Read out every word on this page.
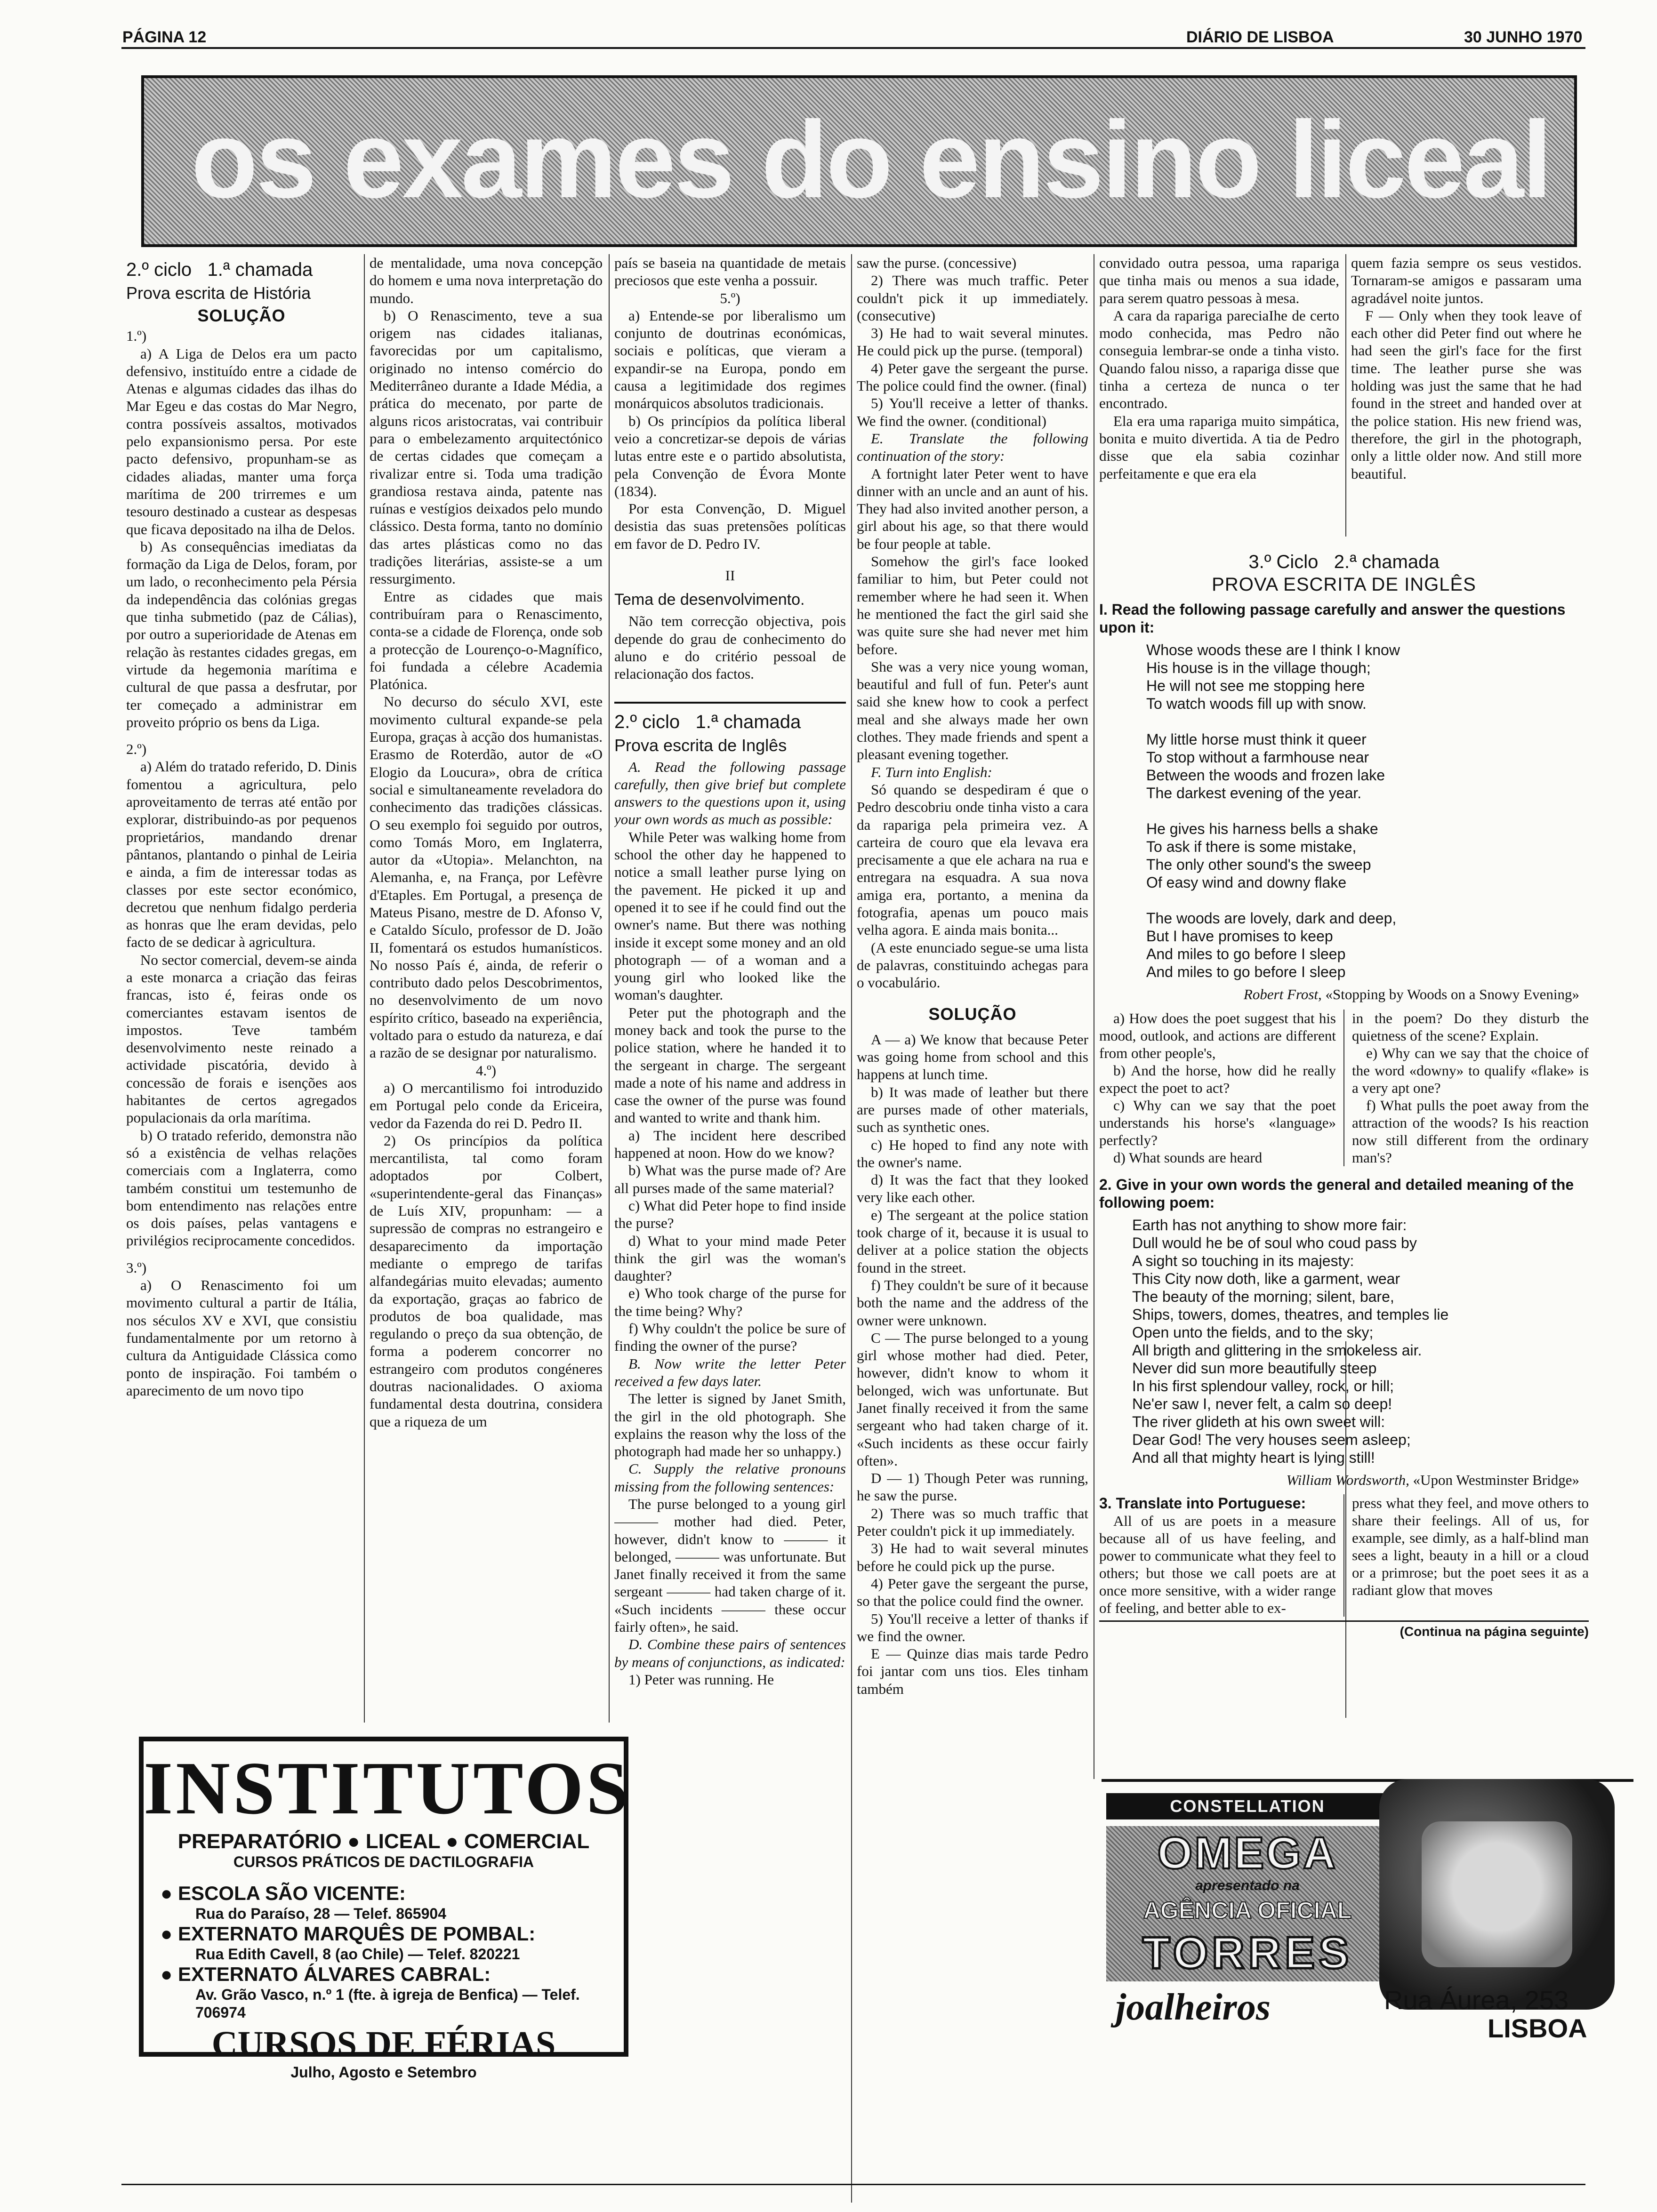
PÁGINA 12	DIÁRIO DE LISBOA	30 JUNHO 1970
os exames do ensino liceal
2.º ciclo 1.ª chamada
Prova escrita de História
SOLUÇÃO

1.º)

a) A Liga de Delos era um pacto defensivo, instituído entre a cidade de Atenas e algumas cidades das ilhas do Mar Egeu e das costas do Mar Negro, contra possíveis assaltos, motivados pelo expansionismo persa. Por este pacto defensivo, propunham-se as cidades aliadas, manter uma força marítima de 200 trirremes e um tesouro destinado a custear as despesas que ficava depositado na ilha de Delos.

b) As consequências imediatas da formação da Liga de Delos, foram, por um lado, o reconhecimento pela Pérsia da independência das colónias gregas que tinha submetido (paz de Cálias), por outro a superioridade de Atenas em relação às restantes cidades gregas, em virtude da hegemonia marítima e cultural de que passa a desfrutar, por ter começado a administrar em proveito próprio os bens da Liga.

2.º)

a) Além do tratado referido, D. Dinis fomentou a agricultura, pelo aproveitamento de terras até então por explorar, distribuindo-as por pequenos proprietários, mandando drenar pântanos, plantando o pinhal de Leiria e ainda, a fim de interessar todas as classes por este sector económico, decretou que nenhum fidalgo perderia as honras que lhe eram devidas, pelo facto de se dedicar à agricultura.

No sector comercial, devem-se ainda a este monarca a criação das feiras francas, isto é, feiras onde os comerciantes estavam isentos de impostos. Teve também desenvolvimento neste reinado a actividade piscatória, devido à concessão de forais e isenções aos habitantes de certos agregados populacionais da orla marítima.

b) O tratado referido, demonstra não só a existência de velhas relações comerciais com a Inglaterra, como também constitui um testemunho de bom entendimento nas relações entre os dois países, pelas vantagens e privilégios reciprocamente concedidos.

3.º)

a) O Renascimento foi um movimento cultural a partir de Itália, nos séculos XV e XVI, que consistiu fundamentalmente por um retorno à cultura da Antiguidade Clássica como ponto de inspiração. Foi também o aparecimento de um novo tipo

de mentalidade, uma nova concepção do homem e uma nova interpretação do mundo.

b) O Renascimento, teve a sua origem nas cidades italianas, favorecidas por um capitalismo, originado no intenso comércio do Mediterrâneo durante a Idade Média, a prática do mecenato, por parte de alguns ricos aristocratas, vai contribuir para o embelezamento arquitectónico de certas cidades que começam a rivalizar entre si. Toda uma tradição grandiosa restava ainda, patente nas ruínas e vestígios deixados pelo mundo clássico. Desta forma, tanto no domínio das artes plásticas como no das tradições literárias, assiste-se a um ressurgimento.

Entre as cidades que mais contribuíram para o Renascimento, conta-se a cidade de Florença, onde sob a protecção de Lourenço-o-Magnífico, foi fundada a célebre Academia Platónica.

No decurso do século XVI, este movimento cultural expande-se pela Europa, graças à acção dos humanistas. Erasmo de Roterdão, autor de «O Elogio da Loucura», obra de crítica social e simultaneamente reveladora do conhecimento das tradições clássicas. O seu exemplo foi seguido por outros, como Tomás Moro, em Inglaterra, autor da «Utopia». Melanchton, na Alemanha, e, na França, por Lefèvre d'Etaples. Em Portugal, a presença de Mateus Pisano, mestre de D. Afonso V, e Cataldo Sículo, professor de D. João II, fomentará os estudos humanísticos. No nosso País é, ainda, de referir o contributo dado pelos Descobrimentos, no desenvolvimento de um novo espírito crítico, baseado na experiência, voltado para o estudo da natureza, e daí a razão de se designar por naturalismo.

4.º)

a) O mercantilismo foi introduzido em Portugal pelo conde da Ericeira, vedor da Fazenda do rei D. Pedro II.

2) Os princípios da política mercantilista, tal como foram adoptados por Colbert, «superintendente-geral das Finanças» de Luís XIV, propunham: — a supressão de compras no estrangeiro e desaparecimento da importação mediante o emprego de tarifas alfandegárias muito elevadas; aumento da exportação, graças ao fabrico de produtos de boa qualidade, mas regulando o preço da sua obtenção, de forma a poderem concorrer no estrangeiro com produtos congéneres doutras nacionalidades. O axioma fundamental desta doutrina, considera que a riqueza de um

país se baseia na quantidade de metais preciosos que este venha a possuir.

5.º)

a) Entende-se por liberalismo um conjunto de doutrinas económicas, sociais e políticas, que vieram a expandir-se na Europa, pondo em causa a legitimidade dos regimes monárquicos absolutos tradicionais.

b) Os princípios da política liberal veio a concretizar-se depois de várias lutas entre este e o partido absolutista, pela Convenção de Évora Monte (1834).

Por esta Convenção, D. Miguel desistia das suas pretensões políticas em favor de D. Pedro IV.

II

Tema de desenvolvimento.

Não tem correcção objectiva, pois depende do grau de conhecimento do aluno e do critério pessoal de relacionação dos factos.

2.º ciclo 1.ª chamada
Prova escrita de Inglês

A. Read the following passage carefully, then give brief but complete answers to the questions upon it, using your own words as much as possible:

While Peter was walking home from school the other day he happened to notice a small leather purse lying on the pavement. He picked it up and opened it to see if he could find out the owner's name. But there was nothing inside it except some money and an old photograph — of a woman and a young girl who looked like the woman's daughter.

Peter put the photograph and the money back and took the purse to the police station, where he handed it to the sergeant in charge. The sergeant made a note of his name and address in case the owner of the purse was found and wanted to write and thank him.

a) The incident here described happened at noon. How do we know?

b) What was the purse made of? Are all purses made of the same material?

c) What did Peter hope to find inside the purse?

d) What to your mind made Peter think the girl was the woman's daughter?

e) Who took charge of the purse for the time being? Why?

f) Why couldn't the police be sure of finding the owner of the purse?

B. Now write the letter Peter received a few days later.

The letter is signed by Janet Smith, the girl in the old photograph. She explains the reason why the loss of the photograph had made her so unhappy.)

C. Supply the relative pronouns missing from the following sentences:

The purse belonged to a young girl ——— mother had died. Peter, however, didn't know to ——— it belonged, ——— was unfortunate. But Janet finally received it from the same sergeant ——— had taken charge of it. «Such incidents ——— these occur fairly often», he said.

D. Combine these pairs of sentences by means of conjunctions, as indicated:

1) Peter was running. He

saw the purse. (concessive)

2) There was much traffic. Peter couldn't pick it up immediately. (consecutive)

3) He had to wait several minutes. He could pick up the purse. (temporal)

4) Peter gave the sergeant the purse. The police could find the owner. (final)

5) You'll receive a letter of thanks. We find the owner. (conditional)

E. Translate the following continuation of the story:

A fortnight later Peter went to have dinner with an uncle and an aunt of his. They had also invited another person, a girl about his age, so that there would be four people at table.

Somehow the girl's face looked familiar to him, but Peter could not remember where he had seen it. When he mentioned the fact the girl said she was quite sure she had never met him before.

She was a very nice young woman, beautiful and full of fun. Peter's aunt said she knew how to cook a perfect meal and she always made her own clothes. They made friends and spent a pleasant evening together.

F. Turn into English:

Só quando se despediram é que o Pedro descobriu onde tinha visto a cara da rapariga pela primeira vez. A carteira de couro que ela levava era precisamente a que ele achara na rua e entregara na esquadra. A sua nova amiga era, portanto, a menina da fotografia, apenas um pouco mais velha agora. E ainda mais bonita...

(A este enunciado segue-se uma lista de palavras, constituindo achegas para o vocabulário.

SOLUÇÃO

A — a) We know that because Peter was going home from school and this happens at lunch time.

b) It was made of leather but there are purses made of other materials, such as synthetic ones.

c) He hoped to find any note with the owner's name.

d) It was the fact that they looked very like each other.

e) The sergeant at the police station took charge of it, because it is usual to deliver at a police station the objects found in the street.

f) They couldn't be sure of it because both the name and the address of the owner were unknown.

C — The purse belonged to a young girl whose mother had died. Peter, however, didn't know to whom it belonged, wich was unfortunate. But Janet finally received it from the same sergeant who had taken charge of it. «Such incidents as these occur fairly often».

D — 1) Though Peter was running, he saw the purse.

2) There was so much traffic that Peter couldn't pick it up immediately.

3) He had to wait several minutes before he could pick up the purse.

4) Peter gave the sergeant the purse, so that the police could find the owner.

5) You'll receive a letter of thanks if we find the owner.

E — Quinze dias mais tarde Pedro foi jantar com uns tios. Eles tinham também

convidado outra pessoa, uma rapariga que tinha mais ou menos a sua idade, para serem quatro pessoas à mesa.

A cara da rapariga pareciaIhe de certo modo conhecida, mas Pedro não conseguia lembrar-se onde a tinha visto. Quando falou nisso, a rapariga disse que tinha a certeza de nunca o ter encontrado.

Ela era uma rapariga muito simpática, bonita e muito divertida. A tia de Pedro disse que ela sabia cozinhar perfeitamente e que era ela

quem fazia sempre os seus vestidos. Tornaram-se amigos e passaram uma agradável noite juntos.

F — Only when they took leave of each other did Peter find out where he had seen the girl's face for the first time. The leather purse she was holding was just the same that he had found in the street and handed over at the police station. His new friend was, therefore, the girl in the photograph, only a little older now. And still more beautiful.

3.º Ciclo 2.ª chamada
PROVA ESCRITA DE INGLÊS
I. Read the following passage carefully and answer the questions upon it:
Whose woods these are I think I know
His house is in the village though;
He will not see me stopping here
To watch woods fill up with snow.

My little horse must think it queer
To stop without a farmhouse near
Between the woods and frozen lake
The darkest evening of the year.

He gives his harness bells a shake
To ask if there is some mistake,
The only other sound's the sweep
Of easy wind and downy flake

The woods are lovely, dark and deep,
But I have promises to keep
And miles to go before I sleep
And miles to go before I sleep
Robert Frost, «Stopping by Woods on a Snowy Evening»

a) How does the poet suggest that his mood, outlook, and actions are different from other people's,

b) And the horse, how did he really expect the poet to act?

c) Why can we say that the poet understands his horse's «language» perfectly?

d) What sounds are heard

in the poem? Do they disturb the quietness of the scene? Explain.

e) Why can we say that the choice of the word «downy» to qualify «flake» is a very apt one?

f) What pulls the poet away from the attraction of the woods? Is his reaction now still different from the ordinary man's?

2. Give in your own words the general and detailed meaning of the following poem:
Earth has not anything to show more fair:
Dull would he be of soul who coud pass by
A sight so touching in its majesty:
This City now doth, like a garment, wear
The beauty of the morning; silent, bare,
Ships, towers, domes, theatres, and temples lie
Open unto the fields, and to the sky;
All brigth and glittering in the smokeless air.
Never did sun more beautifully steep
In his first splendour valley, rock, or hill;
Ne'er saw I, never felt, a calm so deep!
The river glideth at his own sweet will:
Dear God! The very houses seem asleep;
And all that mighty heart is lying still!
William Wordsworth, «Upon Westminster Bridge»
3. Translate into Portuguese:

All of us are poets in a measure because all of us have feeling, and power to communicate what they feel to others; but those we call poets are at once more sensitive, with a wider range of feeling, and better able to ex-

press what they feel, and move others to share their feelings. All of us, for example, see dimly, as a half-blind man sees a light, beauty in a hill or a cloud or a primrose; but the poet sees it as a radiant glow that moves

(Continua na página seguinte)
INSTITUTOS
PREPARATÓRIO ● LICEAL ● COMERCIAL
CURSOS PRÁTICOS DE DACTILOGRAFIA
● ESCOLA SÃO VICENTE:
Rua do Paraíso, 28 — Telef. 865904
● EXTERNATO MARQUÊS DE POMBAL:
Rua Edith Cavell, 8 (ao Chile) — Telef. 820221
● EXTERNATO ÁLVARES CABRAL:
Av. Grão Vasco, n.º 1 (fte. à igreja de Benfica) — Telef. 706974
CURSOS DE FÉRIAS
Julho, Agosto e Setembro
CONSTELLATION
OMEGA
apresentado na
AGÊNCIA OFICIAL
TORRES
joalheiros	Rua Áurea, 253
LISBOA
